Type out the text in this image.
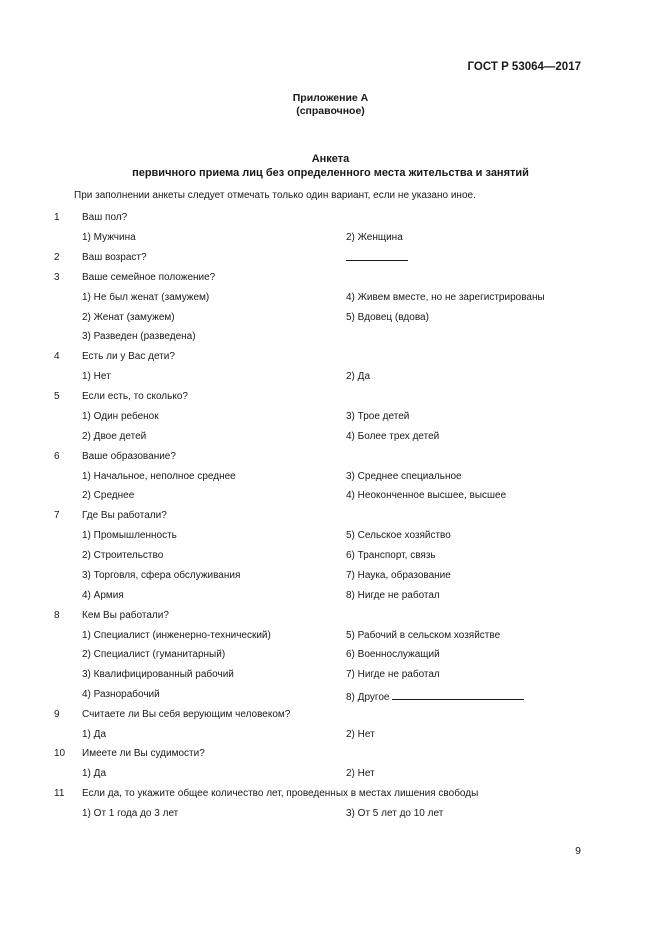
ГОСТ Р 53064—2017
Приложение А
(справочное)
Анкета
первичного приема лиц без определенного места жительства и занятий
При заполнении анкеты следует отмечать только один вариант, если не указано иное.
1 Ваш пол?
1) Мужчина	2) Женщина
2 Ваш возраст?
3 Ваше семейное положение?
1) Не был женат (замужем)	4) Живем вместе, но не зарегистрированы
2) Женат (замужем)	5) Вдовец (вдова)
3) Разведен (разведена)
4 Есть ли у Вас дети?
1) Нет	2) Да
5 Если есть, то сколько?
1) Один ребенок	3) Трое детей
2) Двое детей	4) Более трех детей
6 Ваше образование?
1) Начальное, неполное среднее	3) Среднее специальное
2) Среднее	4) Неоконченное высшее, высшее
7 Где Вы работали?
1) Промышленность	5) Сельское хозяйство
2) Строительство	6) Транспорт, связь
3) Торговля, сфера обслуживания	7) Наука, образование
4) Армия	8) Нигде не работал
8 Кем Вы работали?
1) Специалист (инженерно-технический)	5) Рабочий в сельском хозяйстве
2) Специалист (гуманитарный)	6) Военнослужащий
3) Квалифицированный рабочий	7) Нигде не работал
4) Разнорабочий	8) Другое
9 Считаете ли Вы себя верующим человеком?
1) Да	2) Нет
10 Имеете ли Вы судимости?
1) Да	2) Нет
11 Если да, то укажите общее количество лет, проведенных в местах лишения свободы
1) От 1 года до 3 лет	3) От 5 лет до 10 лет
9
